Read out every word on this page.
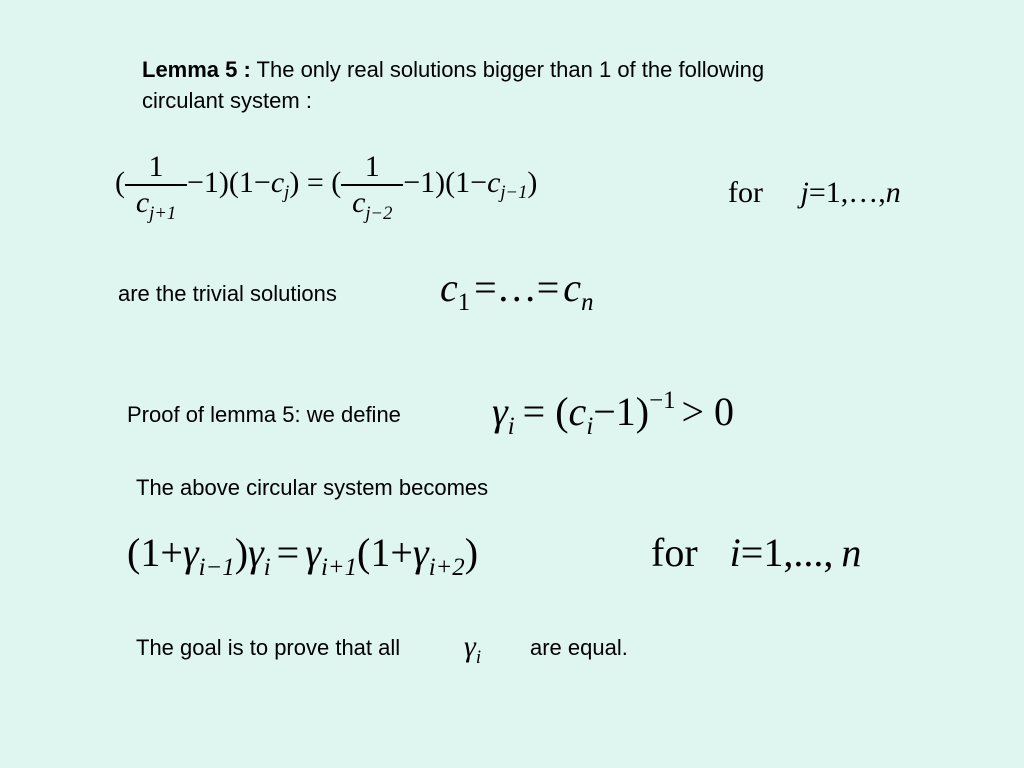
Lemma 5 : The only real solutions bigger than 1 of the following
circulant system :
( $\frac{1}{c_{j+1}} -1)(1-c_j)$ = ( $\frac{1}{c_{j-2}} -1)(1-c_{j-1})$	for j=1,…,n
are the trivial solutions	$c_1$ =…= $c_n$
Proof of lemma 5: we define $\gamma_i = (c_i-1)^{-1} > 0$
The above circular system becomes
$(1+\gamma_{i-1})\gamma_i = \gamma_{i+1}(1+\gamma_{i+2})$	for i=1,..., n
The goal is to prove that all $\gamma_i$ are equal.
